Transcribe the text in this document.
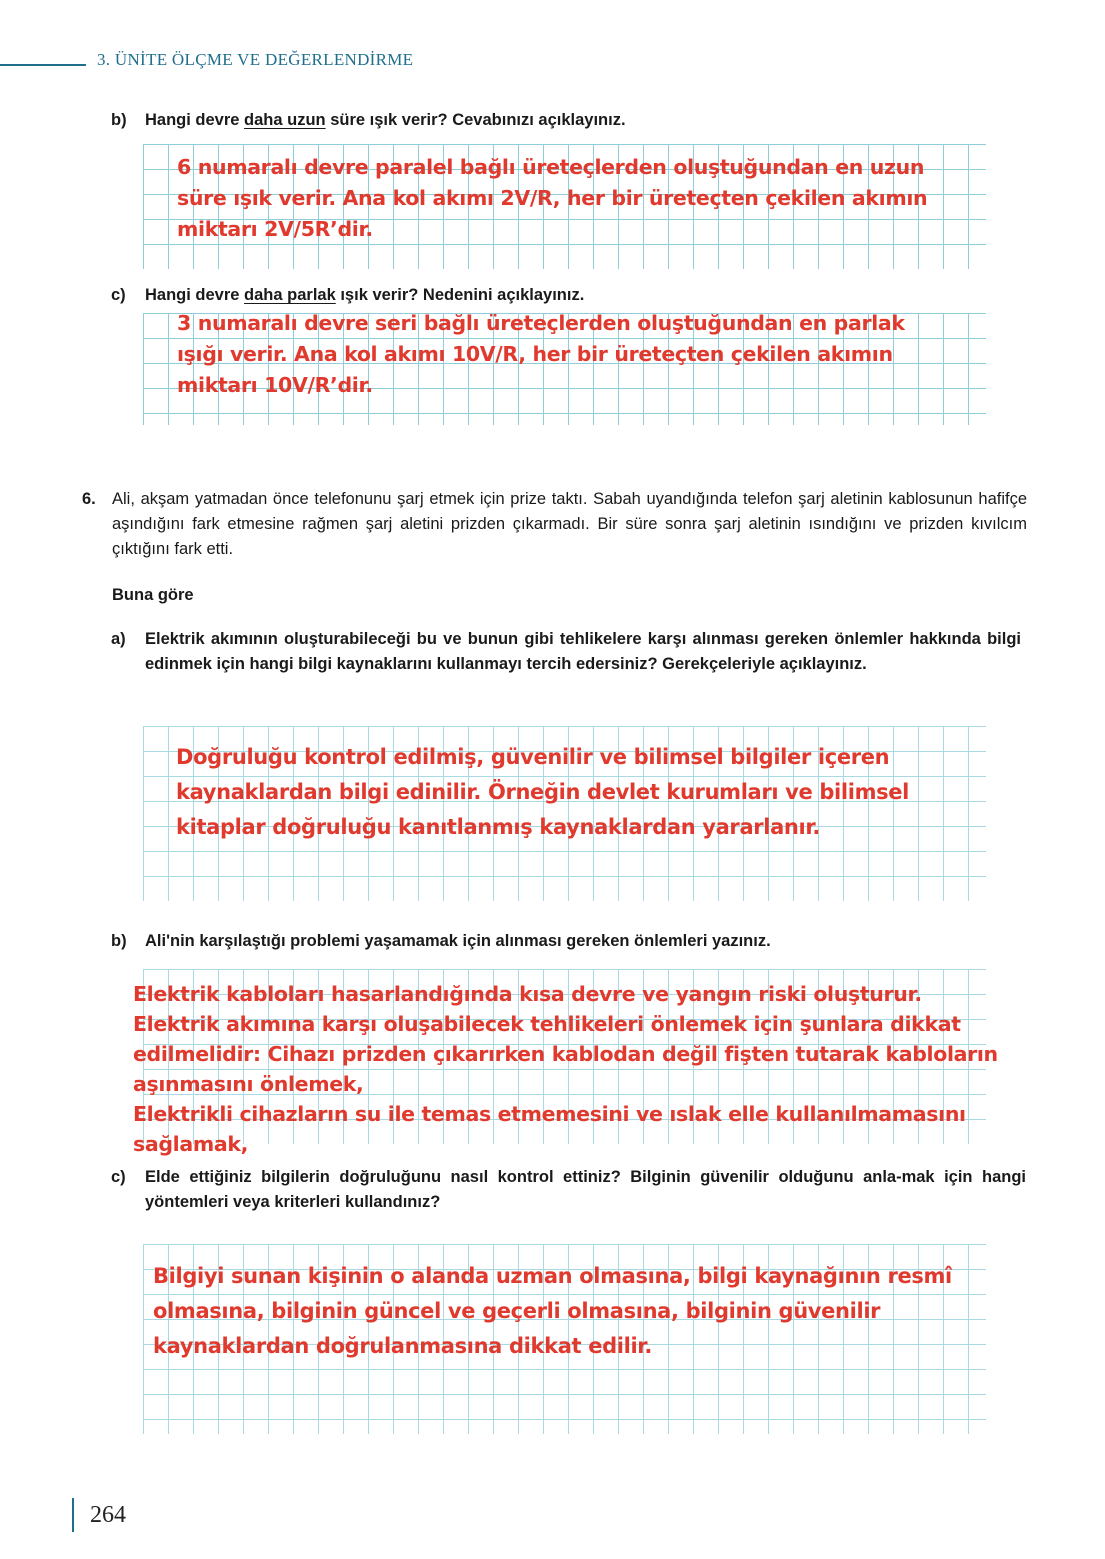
3. ÜNİTE ÖLÇME VE DEĞERLENDİRME
b)	Hangi devre daha uzun süre ışık verir? Cevabınızı açıklayınız.
6 numaralı devre paralel bağlı üreteçlerden oluştuğundan en uzun
süre ışık verir. Ana kol akımı 2V/R, her bir üreteçten çekilen akımın
miktarı 2V/5R’dir.
c)	Hangi devre daha parlak ışık verir? Nedenini açıklayınız.
3 numaralı devre seri bağlı üreteçlerden oluştuğundan en parlak
ışığı verir. Ana kol akımı 10V/R, her bir üreteçten çekilen akımın
miktarı 10V/R’dir.
6. Ali, akşam yatmadan önce telefonunu şarj etmek için prize taktı. Sabah uyandığında telefon şarj aletinin kablosunun hafifçe aşındığını fark etmesine rağmen şarj aletini prizden çıkarmadı. Bir süre sonra şarj aletinin ısındığını ve prizden kıvılcım çıktığını fark etti.
Buna göre
a)	Elektrik akımının oluşturabileceği bu ve bunun gibi tehlikelere karşı alınması gereken önlemler hakkında bilgi edinmek için hangi bilgi kaynaklarını kullanmayı tercih edersiniz? Gerekçeleriyle açıklayınız.
Doğruluğu kontrol edilmiş, güvenilir ve bilimsel bilgiler içeren
kaynaklardan bilgi edinilir. Örneğin devlet kurumları ve bilimsel
kitaplar doğruluğu kanıtlanmış kaynaklardan yararlanır.
b)	Ali'nin karşılaştığı problemi yaşamamak için alınması gereken önlemleri yazınız.
Elektrik kabloları hasarlandığında kısa devre ve yangın riski oluşturur.
Elektrik akımına karşı oluşabilecek tehlikeleri önlemek için şunlara dikkat
edilmelidir: Cihazı prizden çıkarırken kablodan değil fişten tutarak kabloların
aşınmasını önlemek,
Elektrikli cihazların su ile temas etmemesini ve ıslak elle kullanılmamasını
sağlamak,
c)	Elde ettiğiniz bilgilerin doğruluğunu nasıl kontrol ettiniz? Bilginin güvenilir olduğunu anla-mak için hangi yöntemleri veya kriterleri kullandınız?
Bilgiyi sunan kişinin o alanda uzman olmasına, bilgi kaynağının resmî
olmasına, bilginin güncel ve geçerli olmasına, bilginin güvenilir
kaynaklardan doğrulanmasına dikkat edilir.
264
